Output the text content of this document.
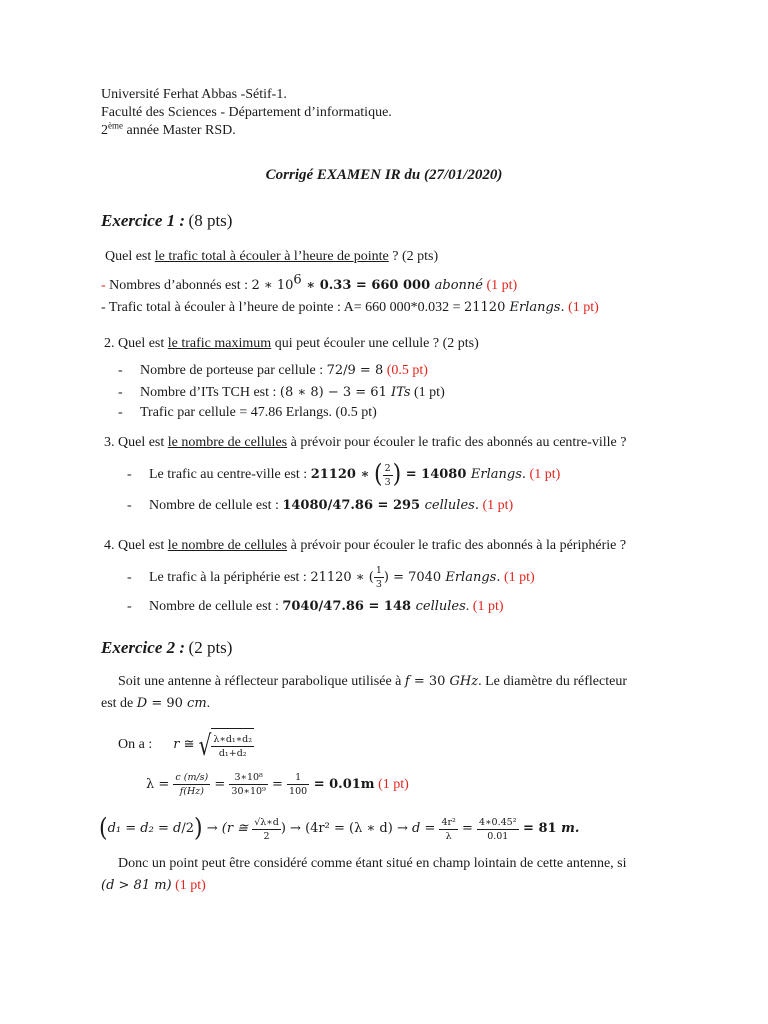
Université Ferhat Abbas -Sétif-1.
Faculté des Sciences - Département d’informatique.
2ème année Master RSD.
Corrigé EXAMEN IR du (27/01/2020)
Exercice 1 : (8 pts)
Quel est le trafic total à écouler à l’heure de pointe ? (2 pts)
- Nombres d’abonnés est : 2 ∗ $10^6$ ∗ 0.33 = 660 000 abonné (1 pt)
- Trafic total à écouler à l’heure de pointe : A= 660 000*0.032 = 21120 Erlangs. (1 pt)
2. Quel est le trafic maximum qui peut écouler une cellule ? (2 pts)
- Nombre de porteuse par cellule : 72/9 = 8 (0.5 pt)
- Nombre d’ITs TCH est : (8 ∗ 8) − 3 = 61 ITs (1 pt)
- Trafic par cellule = 47.86 Erlangs. (0.5 pt)
3. Quel est le nombre de cellules à prévoir pour écouler le trafic des abonnés au centre-ville ?
- Le trafic au centre-ville est : 21120 ∗ ( $\frac{2}{3}$ ) = 14080 Erlangs. (1 pt)
- Nombre de cellule est : 14080/47.86 = 295 cellules. (1 pt)
4. Quel est le nombre de cellules à prévoir pour écouler le trafic des abonnés à la périphérie ?
- Le trafic à la périphérie est : 21120 ∗ ( $\frac{1}{3}$ ) = 7040 Erlangs. (1 pt)
- Nombre de cellule est : 7040/47.86 = 148 cellules. (1 pt)
Exercice 2 : (2 pts)
Soit une antenne à réflecteur parabolique utilisée à f = 30 GHz. Le diamètre du réflecteur
est de D = 90 cm.
On a : r ≅ √ $\frac{\text{λ∗d₁∗d₂}}{\text{d₁+d₂}}$
$\lambda = \frac{c (m/s)}{f(Hz)} = \frac{\text{3∗10⁸}}{\text{30∗10⁹}} = \frac{1}{100} = 0.01m$ (1 pt)
(d₁ = d₂ = d/2) → (r ≅ $\frac{√\lambda∗d}{2}$ ) → (4r² = (λ ∗ $d) \to d = \frac{\text{4r²}}{\lambda} = \frac{\text{4∗0.45²}}{0.01} = 81$ m.
Donc un point peut être considéré comme étant situé en champ lointain de cette antenne, si
(d > 81 m) (1 pt)
